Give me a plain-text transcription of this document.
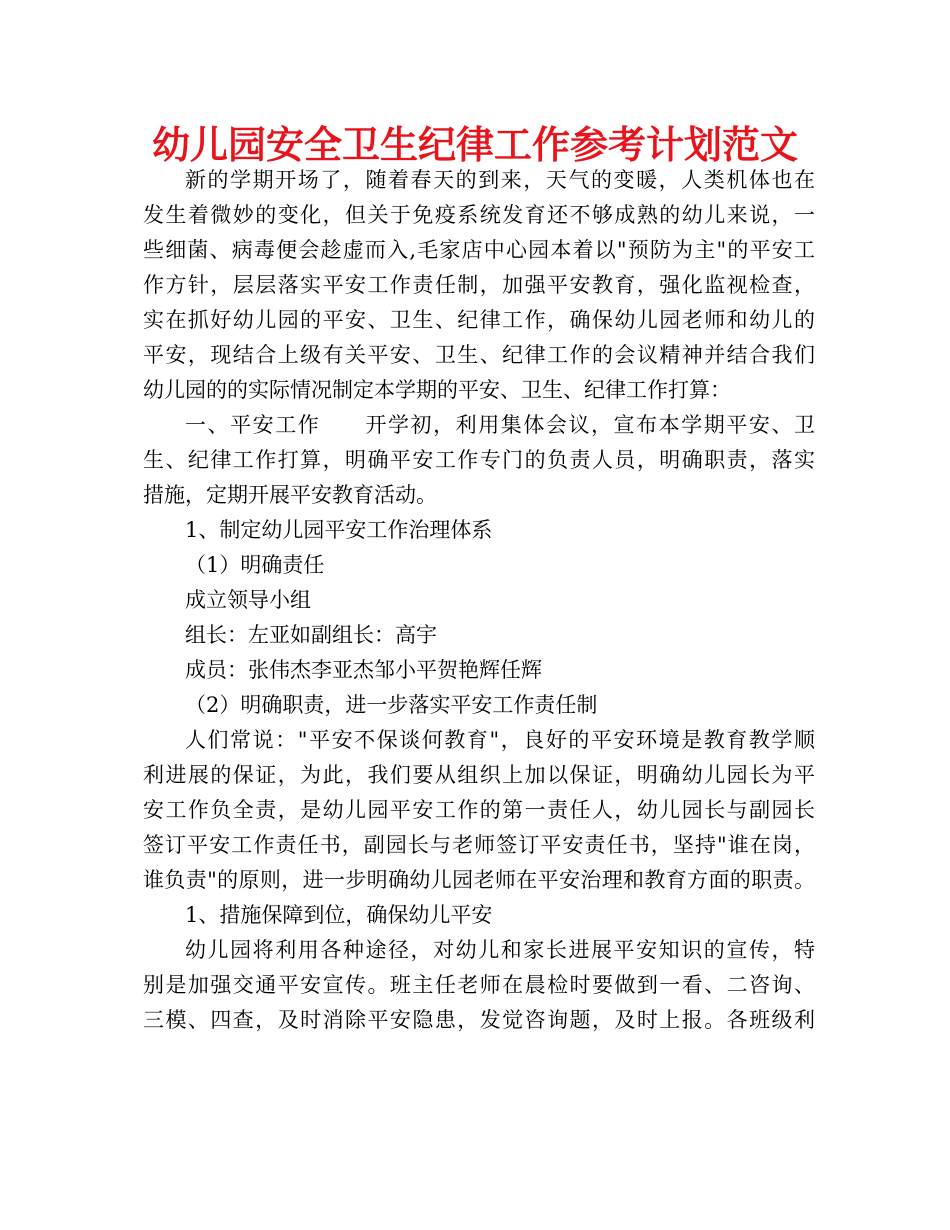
幼儿园安全卫生纪律工作参考计划范文

新的学期开场了，随着春天的到来，天气的变暖，人类机体也在

发生着微妙的变化，但关于免疫系统发育还不够成熟的幼儿来说，一

些细菌、病毒便会趁虚而入,毛家店中心园本着以"预防为主"的平安工

作方针，层层落实平安工作责任制，加强平安教育，强化监视检查，

实在抓好幼儿园的平安、卫生、纪律工作，确保幼儿园老师和幼儿的

平安，现结合上级有关平安、卫生、纪律工作的会议精神并结合我们

幼儿园的的实际情况制定本学期的平安、卫生、纪律工作打算：

一、平安工作　　开学初，利用集体会议，宣布本学期平安、卫

生、纪律工作打算，明确平安工作专门的负责人员，明确职责，落实

措施，定期开展平安教育活动。

1、制定幼儿园平安工作治理体系

（1）明确责任

成立领导小组

组长：左亚如副组长：高宇

成员：张伟杰李亚杰邹小平贺艳辉任辉

（2）明确职责，进一步落实平安工作责任制

人们常说："平安不保谈何教育"，良好的平安环境是教育教学顺

利进展的保证，为此，我们要从组织上加以保证，明确幼儿园长为平

安工作负全责，是幼儿园平安工作的第一责任人，幼儿园长与副园长

签订平安工作责任书，副园长与老师签订平安责任书，坚持"谁在岗，

谁负责"的原则，进一步明确幼儿园老师在平安治理和教育方面的职责。

1、措施保障到位，确保幼儿平安

幼儿园将利用各种途径，对幼儿和家长进展平安知识的宣传，特

别是加强交通平安宣传。班主任老师在晨检时要做到一看、二咨询、

三模、四查，及时消除平安隐患，发觉咨询题，及时上报。各班级利
